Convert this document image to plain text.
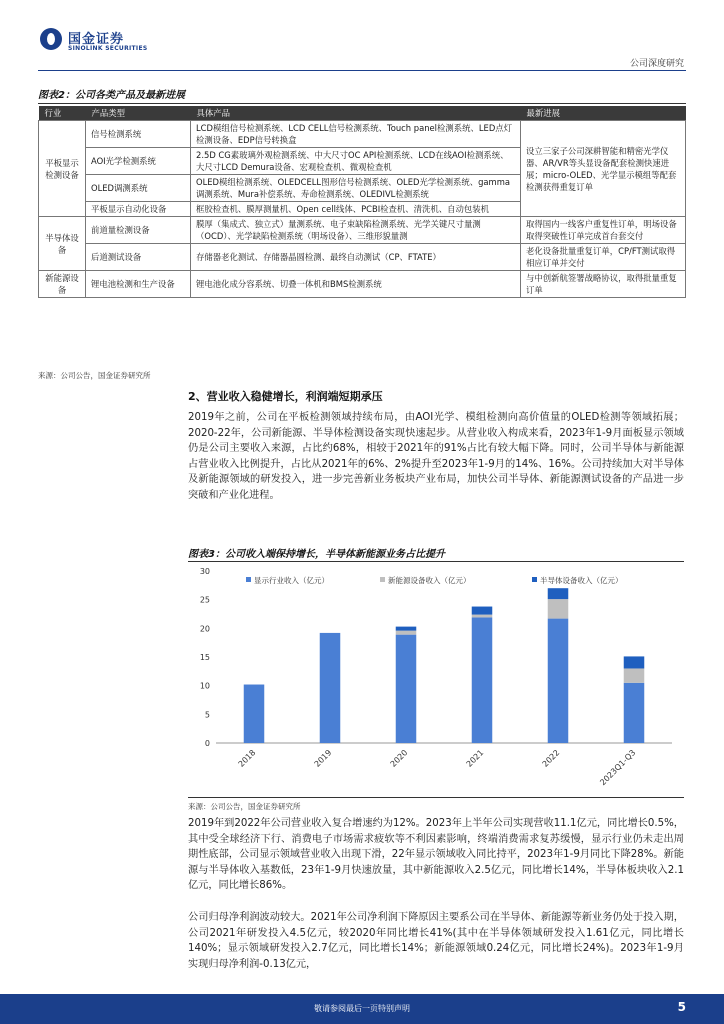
国金证券
SINOLINK SECURITIES
公司深度研究
图表2：公司各类产品及最新进展
行业	产品类型	具体产品	最新进展
平板显示检测设备	信号检测系统	LCD模组信号检测系统、LCD CELL信号检测系统、Touch panel检测系统、LED点灯检测设备、EDP信号转换盒	设立三家子公司深耕智能和精密光学仪器、AR/VR等头显设备配套检测快速进展；micro-OLED、光学显示模组等配套检测获得重复订单
	AOI光学检测系统	2.5D CG素玻璃外观检测系统、中大尺寸OC API检测系统、LCD在线AOI检测系统、大尺寸LCD Demura设备、宏观检查机、微观检查机	
	OLED调测系统	OLED模组检测系统、OLEDCELL图形信号检测系统、OLED光学检测系统、gamma调测系统、Mura补偿系统、寿命检测系统、OLEDIVL检测系统	
	平板显示自动化设备	框胶检查机、膜厚测量机、Open cell线体、PCBI检查机、清洗机、自动包装机	
半导体设备	前道量检测设备	膜厚（集成式、独立式）量测系统、电子束缺陷检测系统、光学关键尺寸量测（OCD）、光学缺陷检测系统（明场设备）、三维形貌量测	取得国内一线客户重复性订单，明场设备取得突破性订单完成首台套交付
	后道测试设备	存储器老化测试、存储器晶圆检测、最终自动测试（CP、FTATE）	老化设备批量重复订单，CP/FT测试取得相应订单并交付
新能源设备	锂电池检测和生产设备	锂电池化成分容系统、切叠一体机和BMS检测系统	与中创新航签署战略协议，取得批量重复订单
来源：公司公告，国金证券研究所
2、营业收入稳健增长，利润端短期承压
2019年之前，公司在平板检测领域持续布局，由AOI光学、模组检测向高价值量的OLED检测等领域拓展；2020-22年，公司新能源、半导体检测设备实现快速起步。从营业收入构成来看，2023年1-9月面板显示领域仍是公司主要收入来源，占比约68%，相较于2021年的91%占比有较大幅下降。同时，公司半导体与新能源占营业收入比例提升，占比从2021年的6%、2%提升至2023年1-9月的14%、16%。公司持续加大对半导体及新能源领域的研发投入，进一步完善新业务板块产业布局，加快公司半导体、新能源测试设备的产品进一步突破和产业化进程。
图表3：公司收入端保持增长，半导体新能源业务占比提升
0
5
10
15
20
25
30
2018	2019	2020	2021	2022	2023Q1-Q3
显示行业收入（亿元）	新能源设备收入（亿元）	半导体设备收入（亿元）
来源：公司公告，国金证券研究所
2019年到2022年公司营业收入复合增速约为12%。2023年上半年公司实现营收11.1亿元，同比增长0.5%，其中受全球经济下行、消费电子市场需求疲软等不利因素影响，终端消费需求复苏缓慢，显示行业仍未走出周期性底部，公司显示领域营业收入出现下滑，22年显示领域收入同比持平，2023年1-9月同比下降28%。新能源与半导体收入基数低，23年1-9月快速放量，其中新能源收入2.5亿元，同比增长14%，半导体板块收入2.1亿元，同比增长86%。
公司归母净利润波动较大。2021年公司净利润下降原因主要系公司在半导体、新能源等新业务仍处于投入期，公司2021年研发投入4.5亿元，较2020年同比增长41%(其中在半导体领域研发投入1.61亿元，同比增长140%；显示领域研发投入2.7亿元，同比增长14%；新能源领域0.24亿元，同比增长24%)。2023年1-9月实现归母净利润-0.13亿元，
敬请参阅最后一页特别声明	5
